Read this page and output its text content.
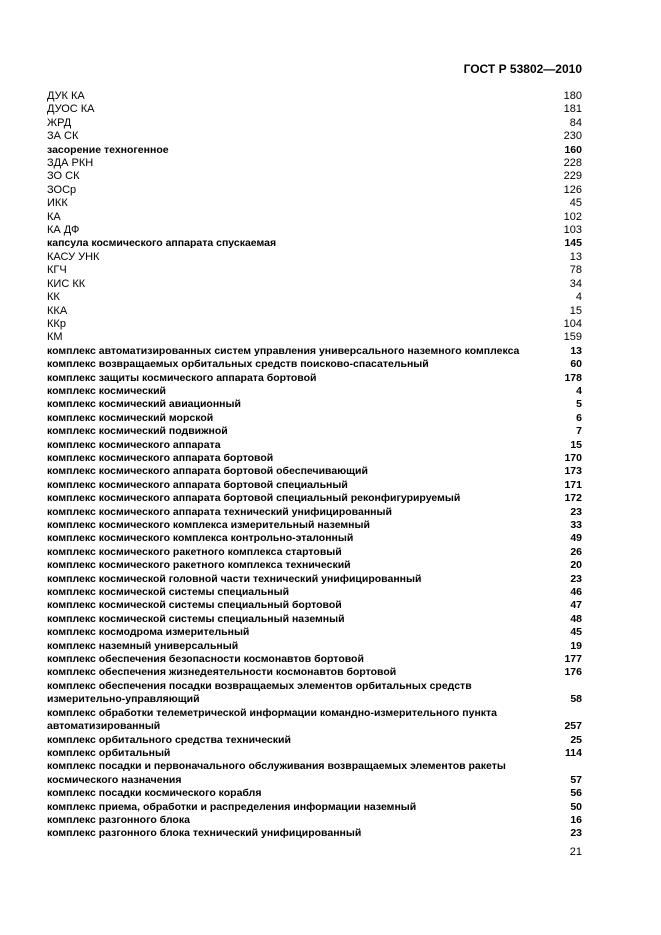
ГОСТ Р 53802—2010
ДУК КА	180
ДУОС КА	181
ЖРД	84
ЗА СК	230
засорение техногенное	160
ЗДА РКН	228
ЗО СК	229
ЗОСр	126
ИКК	45
КА	102
КА ДФ	103
капсула космического аппарата спускаемая	145
КАСУ УНК	13
КГЧ	78
КИС КК	34
КК	4
ККА	15
ККр	104
КМ	159
комплекс автоматизированных систем управления универсального наземного комплекса	13
комплекс возвращаемых орбитальных средств поисково-спасательный	60
комплекс защиты космического аппарата бортовой	178
комплекс космический	4
комплекс космический авиационный	5
комплекс космический морской	6
комплекс космический подвижной	7
комплекс космического аппарата	15
комплекс космического аппарата бортовой	170
комплекс космического аппарата бортовой обеспечивающий	173
комплекс космического аппарата бортовой специальный	171
комплекс космического аппарата бортовой специальный реконфигурируемый	172
комплекс космического аппарата технический унифицированный	23
комплекс космического комплекса измерительный наземный	33
комплекс космического комплекса контрольно-эталонный	49
комплекс космического ракетного комплекса стартовый	26
комплекс космического ракетного комплекса технический	20
комплекс космической головной части технический унифицированный	23
комплекс космической системы специальный	46
комплекс космической системы специальный бортовой	47
комплекс космической системы специальный наземный	48
комплекс космодрома измерительный	45
комплекс наземный универсальный	19
комплекс обеспечения безопасности космонавтов бортовой	177
комплекс обеспечения жизнедеятельности космонавтов бортовой	176
комплекс обеспечения посадки возвращаемых элементов орбитальных средств измерительно-управляющий	58
комплекс обработки телеметрической информации командно-измерительного пункта автоматизированный	257
комплекс орбитального средства технический	25
комплекс орбитальный	114
комплекс посадки и первоначального обслуживания возвращаемых элементов ракеты космического назначения	57
комплекс посадки космического корабля	56
комплекс приема, обработки и распределения информации наземный	50
комплекс разгонного блока	16
комплекс разгонного блока технический унифицированный	23
21
